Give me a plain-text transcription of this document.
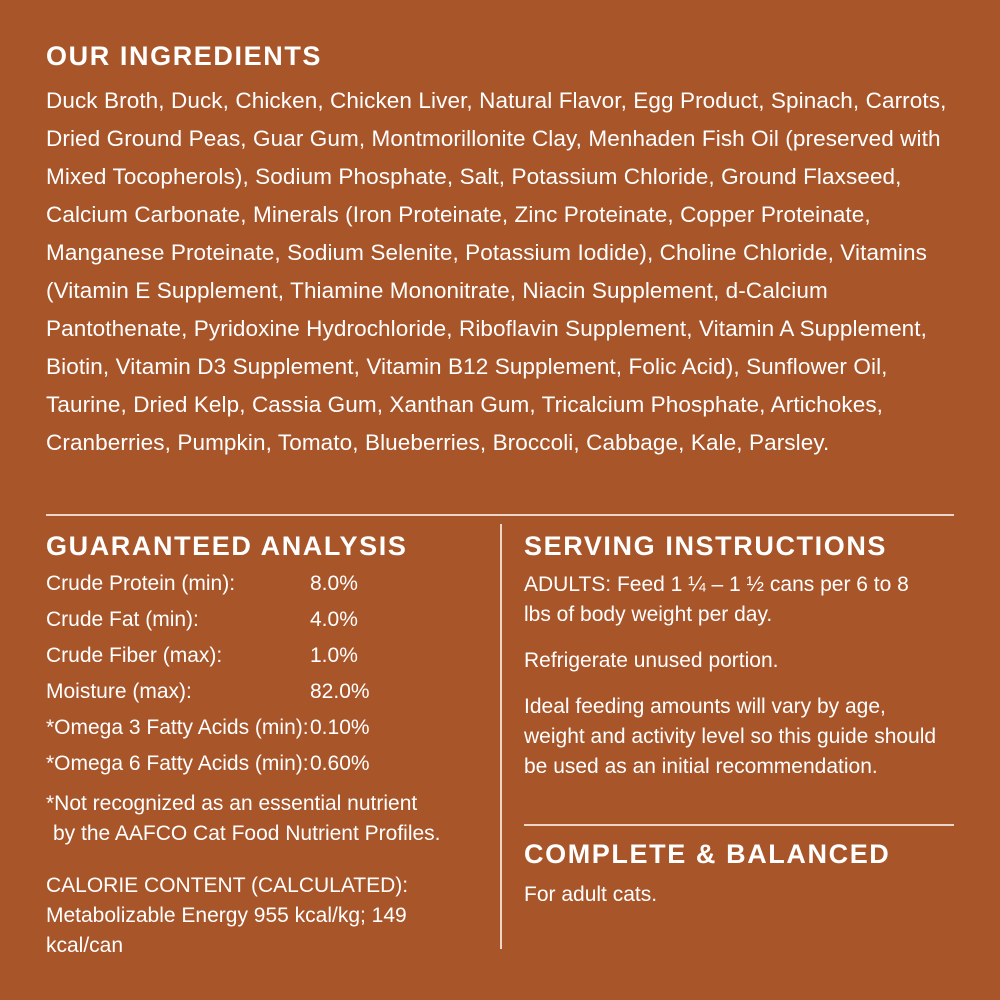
OUR INGREDIENTS
Duck Broth, Duck, Chicken, Chicken Liver, Natural Flavor, Egg Product, Spinach, Carrots, Dried Ground Peas, Guar Gum, Montmorillonite Clay, Menhaden Fish Oil (preserved with Mixed Tocopherols), Sodium Phosphate, Salt, Potassium Chloride, Ground Flaxseed, Calcium Carbonate, Minerals (Iron Proteinate, Zinc Proteinate, Copper Proteinate, Manganese Proteinate, Sodium Selenite, Potassium Iodide), Choline Chloride, Vitamins (Vitamin E Supplement, Thiamine Mononitrate, Niacin Supplement, d-Calcium Pantothenate, Pyridoxine Hydrochloride, Riboflavin Supplement, Vitamin A Supplement, Biotin, Vitamin D3 Supplement, Vitamin B12 Supplement, Folic Acid), Sunflower Oil, Taurine, Dried Kelp, Cassia Gum, Xanthan Gum, Tricalcium Phosphate, Artichokes, Cranberries, Pumpkin, Tomato, Blueberries, Broccoli, Cabbage, Kale, Parsley.
GUARANTEED ANALYSIS
Crude Protein (min):	8.0%
Crude Fat (min):	4.0%
Crude Fiber (max):	1.0%
Moisture (max):	82.0%
*Omega 3 Fatty Acids (min): 0.10%
*Omega 6 Fatty Acids (min): 0.60%
*Not recognized as an essential nutrient
by the AAFCO Cat Food Nutrient Profiles.
CALORIE CONTENT (CALCULATED):
Metabolizable Energy 955 kcal/kg; 149 kcal/can
SERVING INSTRUCTIONS

ADULTS: Feed 1 ¼ – 1 ½ cans per 6 to 8 lbs of body weight per day.

Refrigerate unused portion.

Ideal feeding amounts will vary by age, weight and activity level so this guide should be used as an initial recommendation.

COMPLETE & BALANCED
For adult cats.
